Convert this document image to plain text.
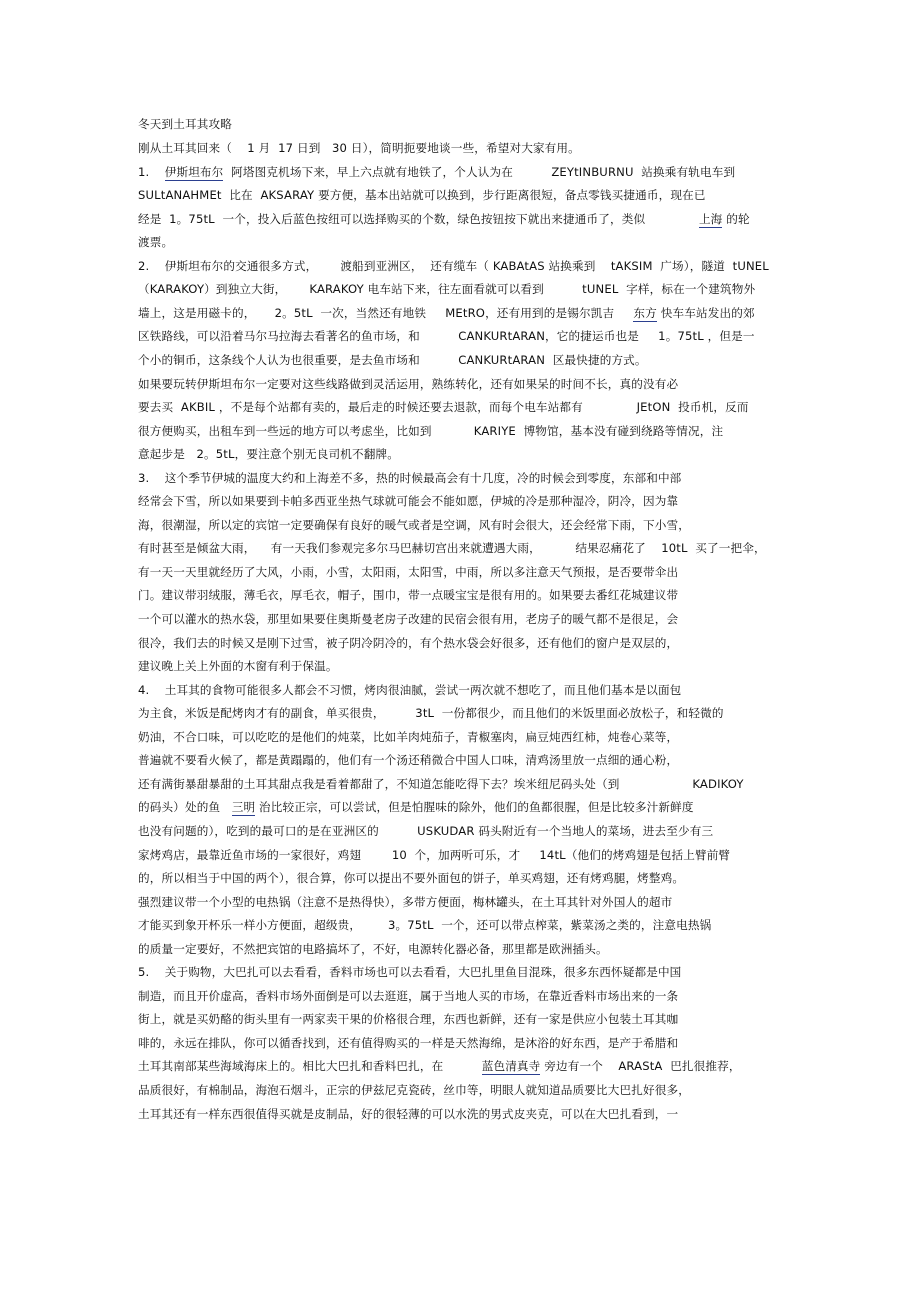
冬天到土耳其攻略
刚从土耳其回来（    1 月  17 日到   30 日），简明扼要地谈一些，希望对大家有用。
1.    伊斯坦布尔  阿塔图克机场下来，早上六点就有地铁了，个人认为在          ZEYtINBURNU  站换乘有轨电车到
SULtANAHMEt  比在  AKSARAY 要方便，基本出站就可以换到，步行距离很短，备点零钱买捷通币，现在已
经是  1。75tL  一个，投入后蓝色按纽可以选择购买的个数，绿色按钮按下就出来捷通币了，类似              上海 的轮
渡票。
2.    伊斯坦布尔的交通很多方式，      渡船到亚洲区，  还有缆车（ KABAtAS 站换乘到    tAKSIM  广场），隧道  tUNEL
（KARAKOY）到独立大街，      KARAKOY 电车站下来，往左面看就可以看到          tUNEL  字样，标在一个建筑物外
墙上，这是用磁卡的，     2。5tL  一次，当然还有地铁     MEtRO，还有用到的是锡尔凯吉     东方 快车车站发出的郊
区铁路线，可以沿着马尔马拉海去看著名的鱼市场，和          CANKURtARAN，它的捷运币也是     1。75tL ，但是一
个小的铜币，这条线个人认为也很重要，是去鱼市场和          CANKURtARAN  区最快捷的方式。
如果要玩转伊斯坦布尔一定要对这些线路做到灵活运用，熟练转化，还有如果呆的时间不长，真的没有必
要去买  AKBIL ，不是每个站都有卖的，最后走的时候还要去退款，而每个电车站都有              JEtON  投币机，反而
很方便购买，出租车到一些远的地方可以考虑坐，比如到           KARIYE  博物馆，基本没有碰到绕路等情况，注
意起步是   2。5tL，要注意个别无良司机不翻牌。
3.    这个季节伊城的温度大约和上海差不多，热的时候最高会有十几度，冷的时候会到零度，东部和中部
经常会下雪，所以如果要到卡帕多西亚坐热气球就可能会不能如愿，伊城的冷是那种湿冷，阴冷，因为靠
海，很潮湿，所以定的宾馆一定要确保有良好的暖气或者是空调，风有时会很大，还会经常下雨，下小雪，
有时甚至是倾盆大雨，    有一天我们参观完多尔马巴赫切宫出来就遭遇大雨，         结果忍痛花了    10tL  买了一把伞，
有一天一天里就经历了大风，小雨，小雪，太阳雨，太阳雪，中雨，所以多注意天气预报，是否要带伞出
门。建议带羽绒服，薄毛衣，厚毛衣，帽子，围巾，带一点暖宝宝是很有用的。如果要去番红花城建议带
一个可以灌水的热水袋，那里如果要住奥斯曼老房子改建的民宿会很有用，老房子的暖气都不是很足，会
很冷，我们去的时候又是刚下过雪，被子阴冷阴冷的，有个热水袋会好很多，还有他们的窗户是双层的，
建议晚上关上外面的木窗有利于保温。
4.    土耳其的食物可能很多人都会不习惯，烤肉很油腻，尝试一两次就不想吃了，而且他们基本是以面包
为主食，米饭是配烤肉才有的副食，单买很贵，        3tL  一份都很少，而且他们的米饭里面必放松子，和轻微的
奶油，不合口味，可以吃吃的是他们的炖菜，比如羊肉炖茄子，青椒塞肉，扁豆炖西红柿，炖卷心菜等，
普遍就不要看火候了，都是黄蹋蹋的，他们有一个汤还稍微合中国人口味，清鸡汤里放一点细的通心粉，
还有满街暴甜暴甜的土耳其甜点我是看着都甜了，不知道怎能吃得下去？埃米纽尼码头处（到                   KADIKOY
的码头）处的鱼   三明 治比较正宗，可以尝试，但是怕腥味的除外，他们的鱼都很腥，但是比较多汁新鲜度
也没有问题的），吃到的最可口的是在亚洲区的          USKUDAR 码头附近有一个当地人的菜场，进去至少有三
家烤鸡店，最靠近鱼市场的一家很好，鸡翅        10  个，加两听可乐，才     14tL（他们的烤鸡翅是包括上臂前臂
的，所以相当于中国的两个），很合算，你可以提出不要外面包的饼子，单买鸡翅，还有烤鸡腿，烤整鸡。
强烈建议带一个小型的电热锅（注意不是热得快），多带方便面，梅林罐头，在土耳其针对外国人的超市
才能买到象开杯乐一样小方便面，超级贵，       3。75tL  一个，还可以带点榨菜，紫菜汤之类的，注意电热锅
的质量一定要好，不然把宾馆的电路搞坏了，不好，电源转化器必备，那里都是欧洲插头。
5.    关于购物，大巴扎可以去看看，香料市场也可以去看看，大巴扎里鱼目混珠，很多东西怀疑都是中国
制造，而且开价虚高，香料市场外面倒是可以去逛逛，属于当地人买的市场，在靠近香料市场出来的一条
街上，就是买奶酪的街头里有一两家卖干果的价格很合理，东西也新鲜，还有一家是供应小包装土耳其咖
啡的，永远在排队，你可以循香找到，还有值得购买的一样是天然海绵，是沐浴的好东西，是产于希腊和
土耳其南部某些海域海床上的。相比大巴扎和香料巴扎，在          蓝色清真寺 旁边有一个    ARAStA  巴扎很推荐，
品质很好，有棉制品，海泡石烟斗，正宗的伊兹尼克瓷砖，丝巾等，明眼人就知道品质要比大巴扎好很多，
土耳其还有一样东西很值得买就是皮制品，好的很轻薄的可以水洗的男式皮夹克，可以在大巴扎看到，一
